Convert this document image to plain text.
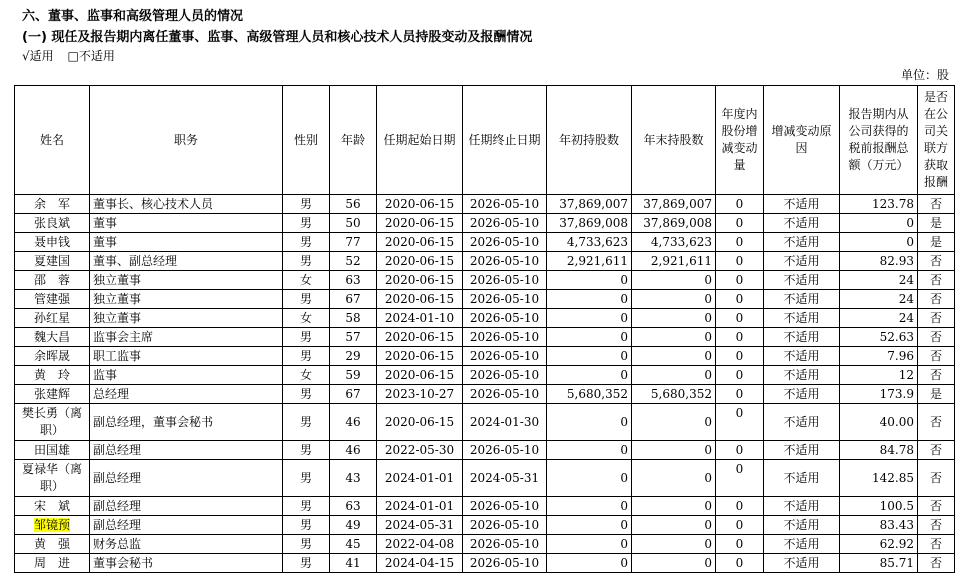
六、董事、监事和高级管理人员的情况
(一) 现任及报告期内离任董事、监事、高级管理人员和核心技术人员持股变动及报酬情况
√适用 □不适用
单位：股
姓名	职务	性别	年龄	任期起始日期	任期终止日期	年初持股数	年末持股数	年度内股份增减变动量	增减变动原因	报告期内从公司获得的税前报酬总额（万元）	是否在公司关联方获取报酬
余　军	董事长、核心技术人员	男	56	2020-06-15	2026-05-10	37,869,007	37,869,007	0	不适用	123.78	否
张良斌	董事	男	50	2020-06-15	2026-05-10	37,869,008	37,869,008	0	不适用	0	是
聂申钱	董事	男	77	2020-06-15	2026-05-10	4,733,623	4,733,623	0	不适用	0	是
夏建国	董事、副总经理	男	52	2020-06-15	2026-05-10	2,921,611	2,921,611	0	不适用	82.93	否
邵　蓉	独立董事	女	63	2020-06-15	2026-05-10	0	0	0	不适用	24	否
管建强	独立董事	男	67	2020-06-15	2026-05-10	0	0	0	不适用	24	否
孙红星	独立董事	女	58	2024-01-10	2026-05-10	0	0	0	不适用	24	否
魏大昌	监事会主席	男	57	2020-06-15	2026-05-10	0	0	0	不适用	52.63	否
余晖晟	职工监事	男	29	2020-06-15	2026-05-10	0	0	0	不适用	7.96	否
黄　玲	监事	女	59	2020-06-15	2026-05-10	0	0	0	不适用	12	否
张建辉	总经理	男	67	2023-10-27	2026-05-10	5,680,352	5,680,352	0	不适用	173.9	是
樊长勇（离职）	副总经理，董事会秘书	男	46	2020-06-15	2024-01-30	0	0	0	不适用	40.00	否
田国雄	副总经理	男	46	2022-05-30	2026-05-10	0	0	0	不适用	84.78	否
夏禄华（离职）	副总经理	男	43	2024-01-01	2024-05-31	0	0	0	不适用	142.85	否
宋　斌	副总经理	男	63	2024-01-01	2026-05-10	0	0	0	不适用	100.5	否
邹镜预	副总经理	男	49	2024-05-31	2026-05-10	0	0	0	不适用	83.43	否
黄　强	财务总监	男	45	2022-04-08	2026-05-10	0	0	0	不适用	62.92	否
周　进	董事会秘书	男	41	2024-04-15	2026-05-10	0	0	0	不适用	85.71	否
